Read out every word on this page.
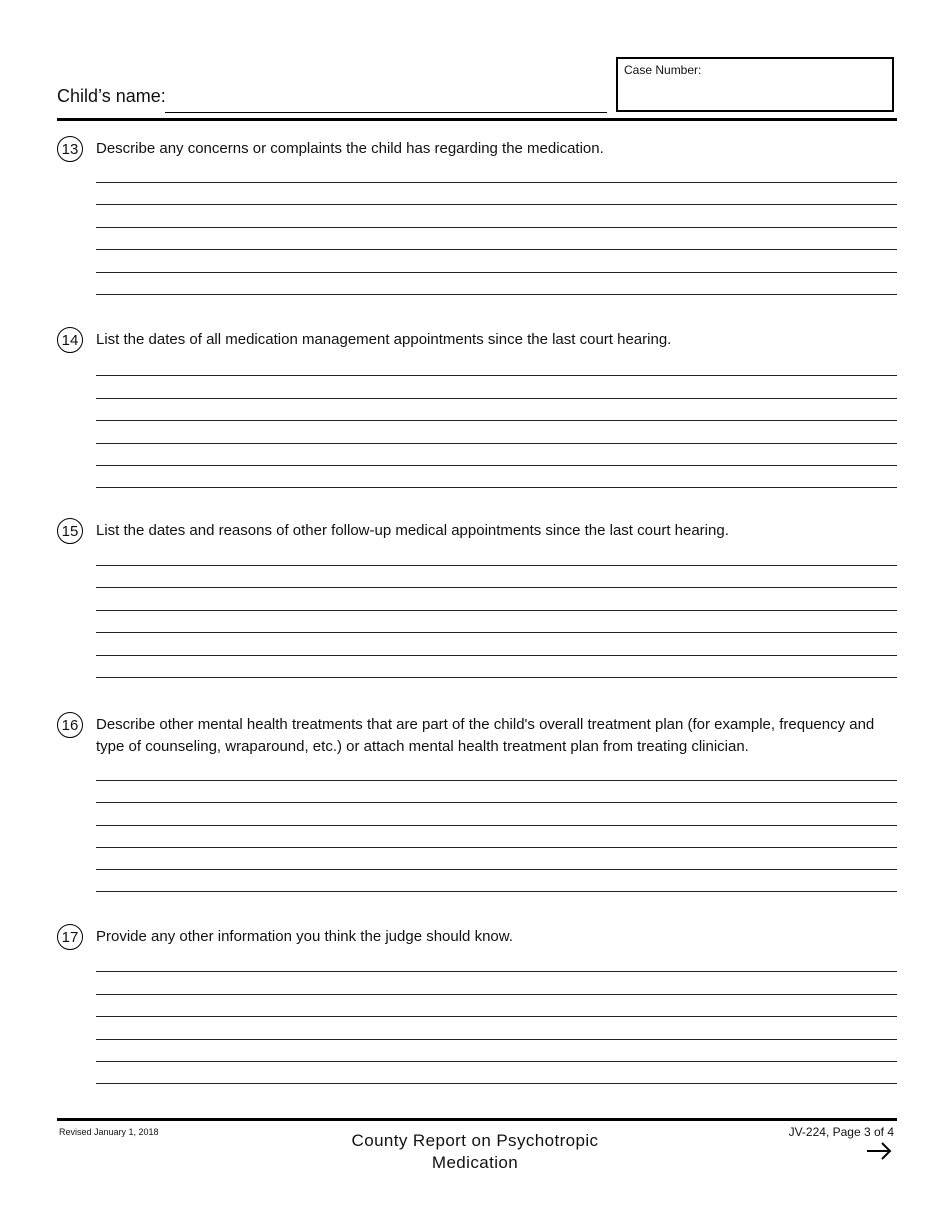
Child’s name:
Case Number:
13	Describe any concerns or complaints the child has regarding the medication.
14	List the dates of all medication management appointments since the last court hearing.
15	List the dates and reasons of other follow-up medical appointments since the last court hearing.
16	Describe other mental health treatments that are part of the child's overall treatment plan (for example, frequency and type of counseling, wraparound, etc.) or attach mental health treatment plan from treating clinician.
17	Provide any other information you think the judge should know.
Revised January 1, 2018	County Report on Psychotropic Medication
JV-224, Page 3 of 4
